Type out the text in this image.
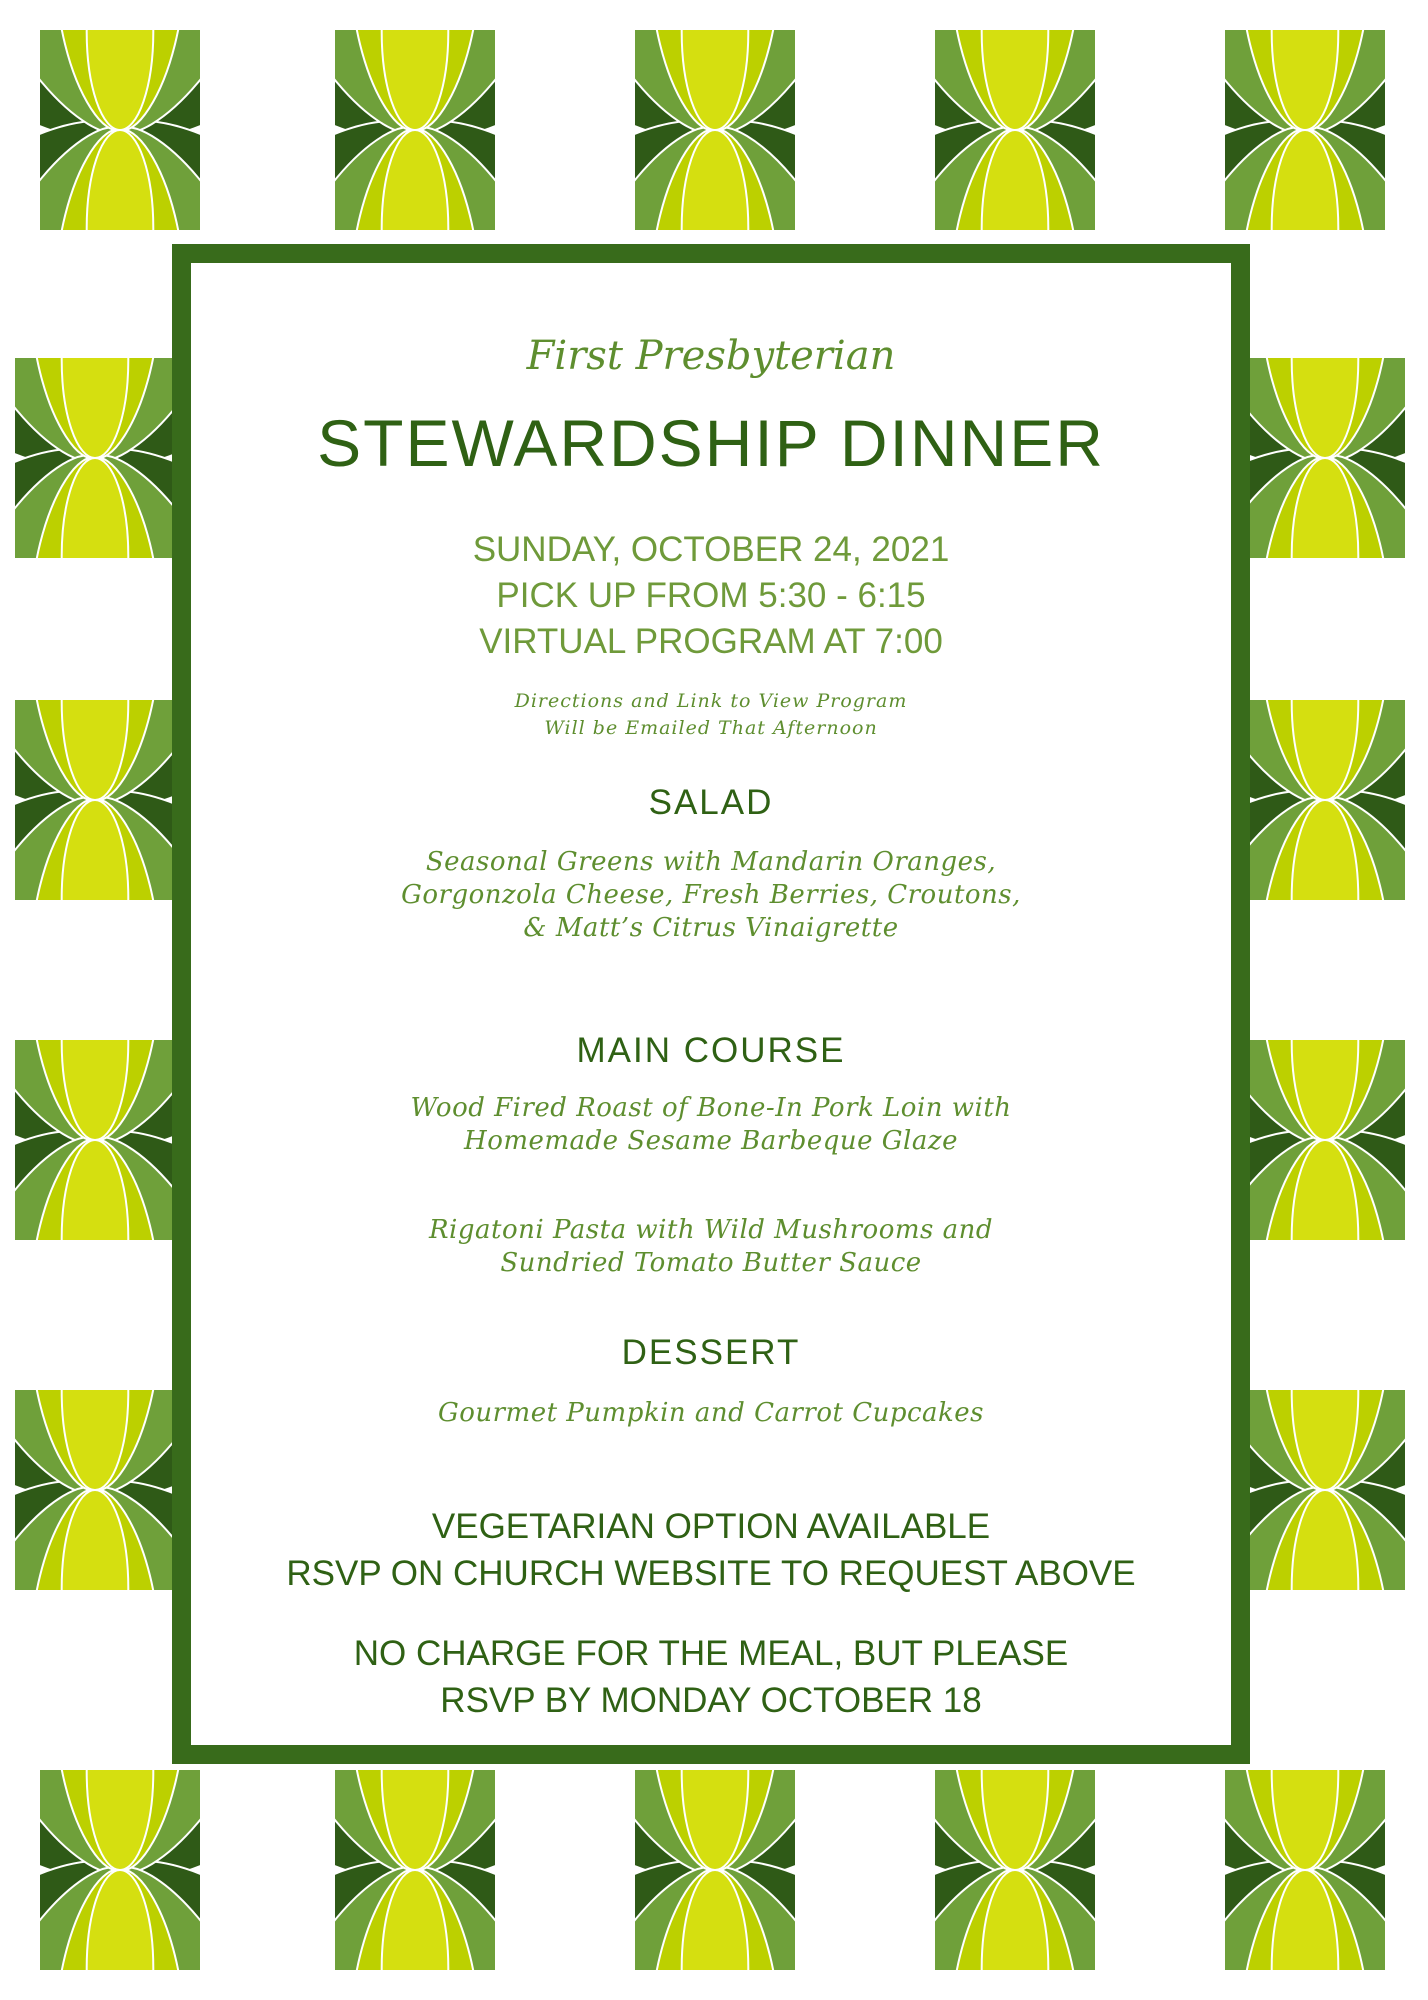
First Presbyterian

STEWARDSHIP DINNER

SUNDAY, OCTOBER 24, 2021
PICK UP FROM 5:30 - 6:15
VIRTUAL PROGRAM AT 7:00

Directions and Link to View Program
Will be Emailed That Afternoon

SALAD

Seasonal Greens with Mandarin Oranges,
Gorgonzola Cheese, Fresh Berries, Croutons,
& Matt’s Citrus Vinaigrette

MAIN COURSE

Wood Fired Roast of Bone-In Pork Loin with
Homemade Sesame Barbeque Glaze

Rigatoni Pasta with Wild Mushrooms and
Sundried Tomato Butter Sauce

DESSERT

Gourmet Pumpkin and Carrot Cupcakes

VEGETARIAN OPTION AVAILABLE
RSVP ON CHURCH WEBSITE TO REQUEST ABOVE

NO CHARGE FOR THE MEAL, BUT PLEASE
RSVP BY MONDAY OCTOBER 18
